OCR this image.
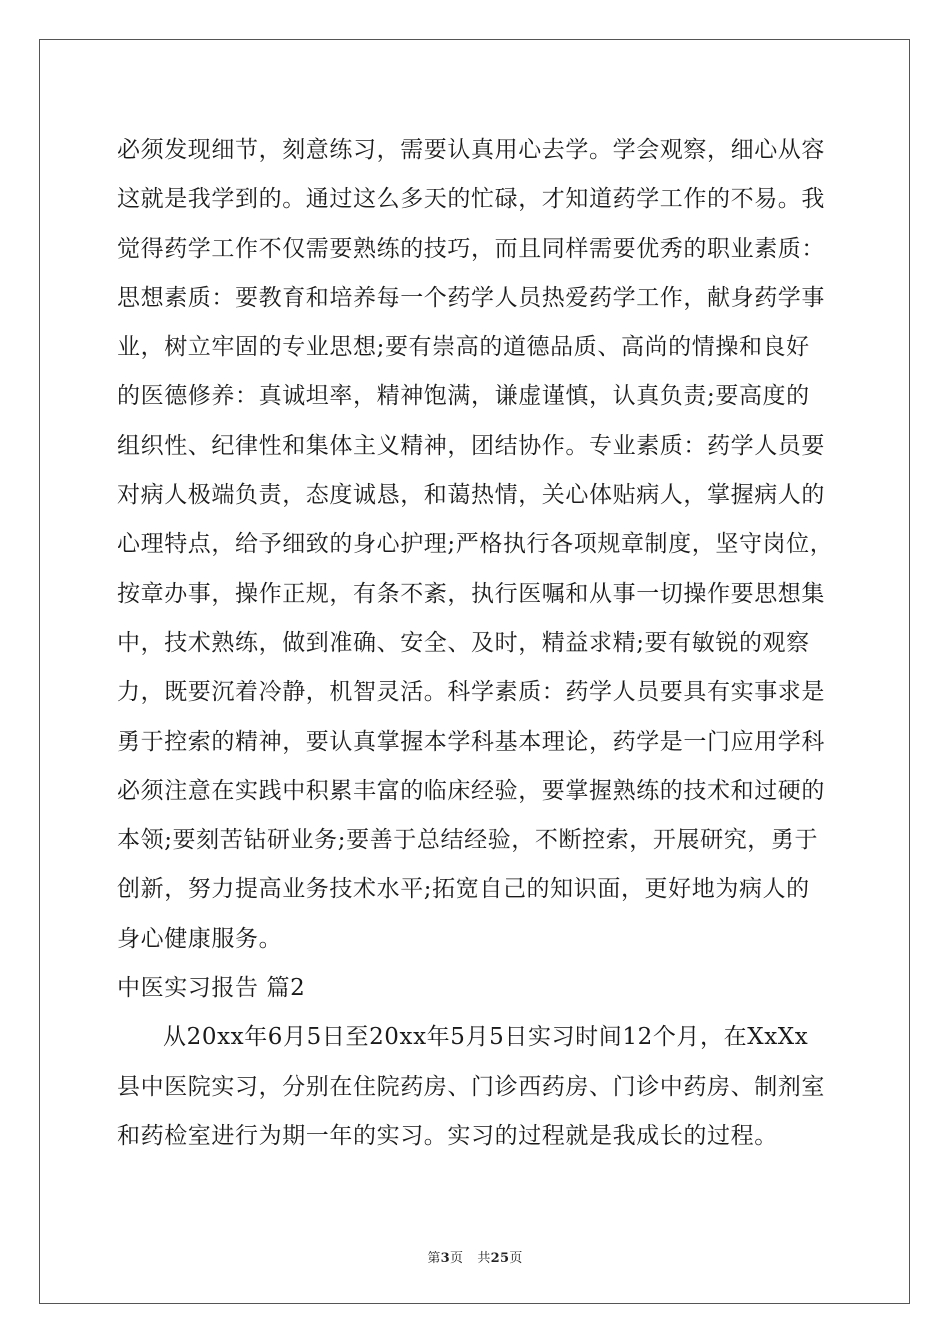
必须发现细节，刻意练习，需要认真用心去学。学会观察，细心从容
这就是我学到的。通过这么多天的忙碌，才知道药学工作的不易。我
觉得药学工作不仅需要熟练的技巧，而且同样需要优秀的职业素质：
思想素质：要教育和培养每一个药学人员热爱药学工作，献身药学事
业，树立牢固的专业思想;要有崇高的道德品质、高尚的情操和良好
的医德修养：真诚坦率，精神饱满，谦虚谨慎，认真负责;要高度的
组织性、纪律性和集体主义精神，团结协作。专业素质：药学人员要
对病人极端负责，态度诚恳，和蔼热情，关心体贴病人，掌握病人的
心理特点，给予细致的身心护理;严格执行各项规章制度，坚守岗位，
按章办事，操作正规，有条不紊，执行医嘱和从事一切操作要思想集
中，技术熟练，做到准确、安全、及时，精益求精;要有敏锐的观察
力，既要沉着冷静，机智灵活。科学素质：药学人员要具有实事求是
勇于控索的精神，要认真掌握本学科基本理论，药学是一门应用学科
必须注意在实践中积累丰富的临床经验，要掌握熟练的技术和过硬的
本领;要刻苦钻研业务;要善于总结经验，不断控索，开展研究，勇于
创新，努力提高业务技术水平;拓宽自己的知识面，更好地为病人的
身心健康服务。
中医实习报告 篇2
从20xx年6月5日至20xx年5月5日实习时间12个月，在XxXx
县中医院实习，分别在住院药房、门诊西药房、门诊中药房、制剂室
和药检室进行为期一年的实习。实习的过程就是我成长的过程。
第3页 共25页
